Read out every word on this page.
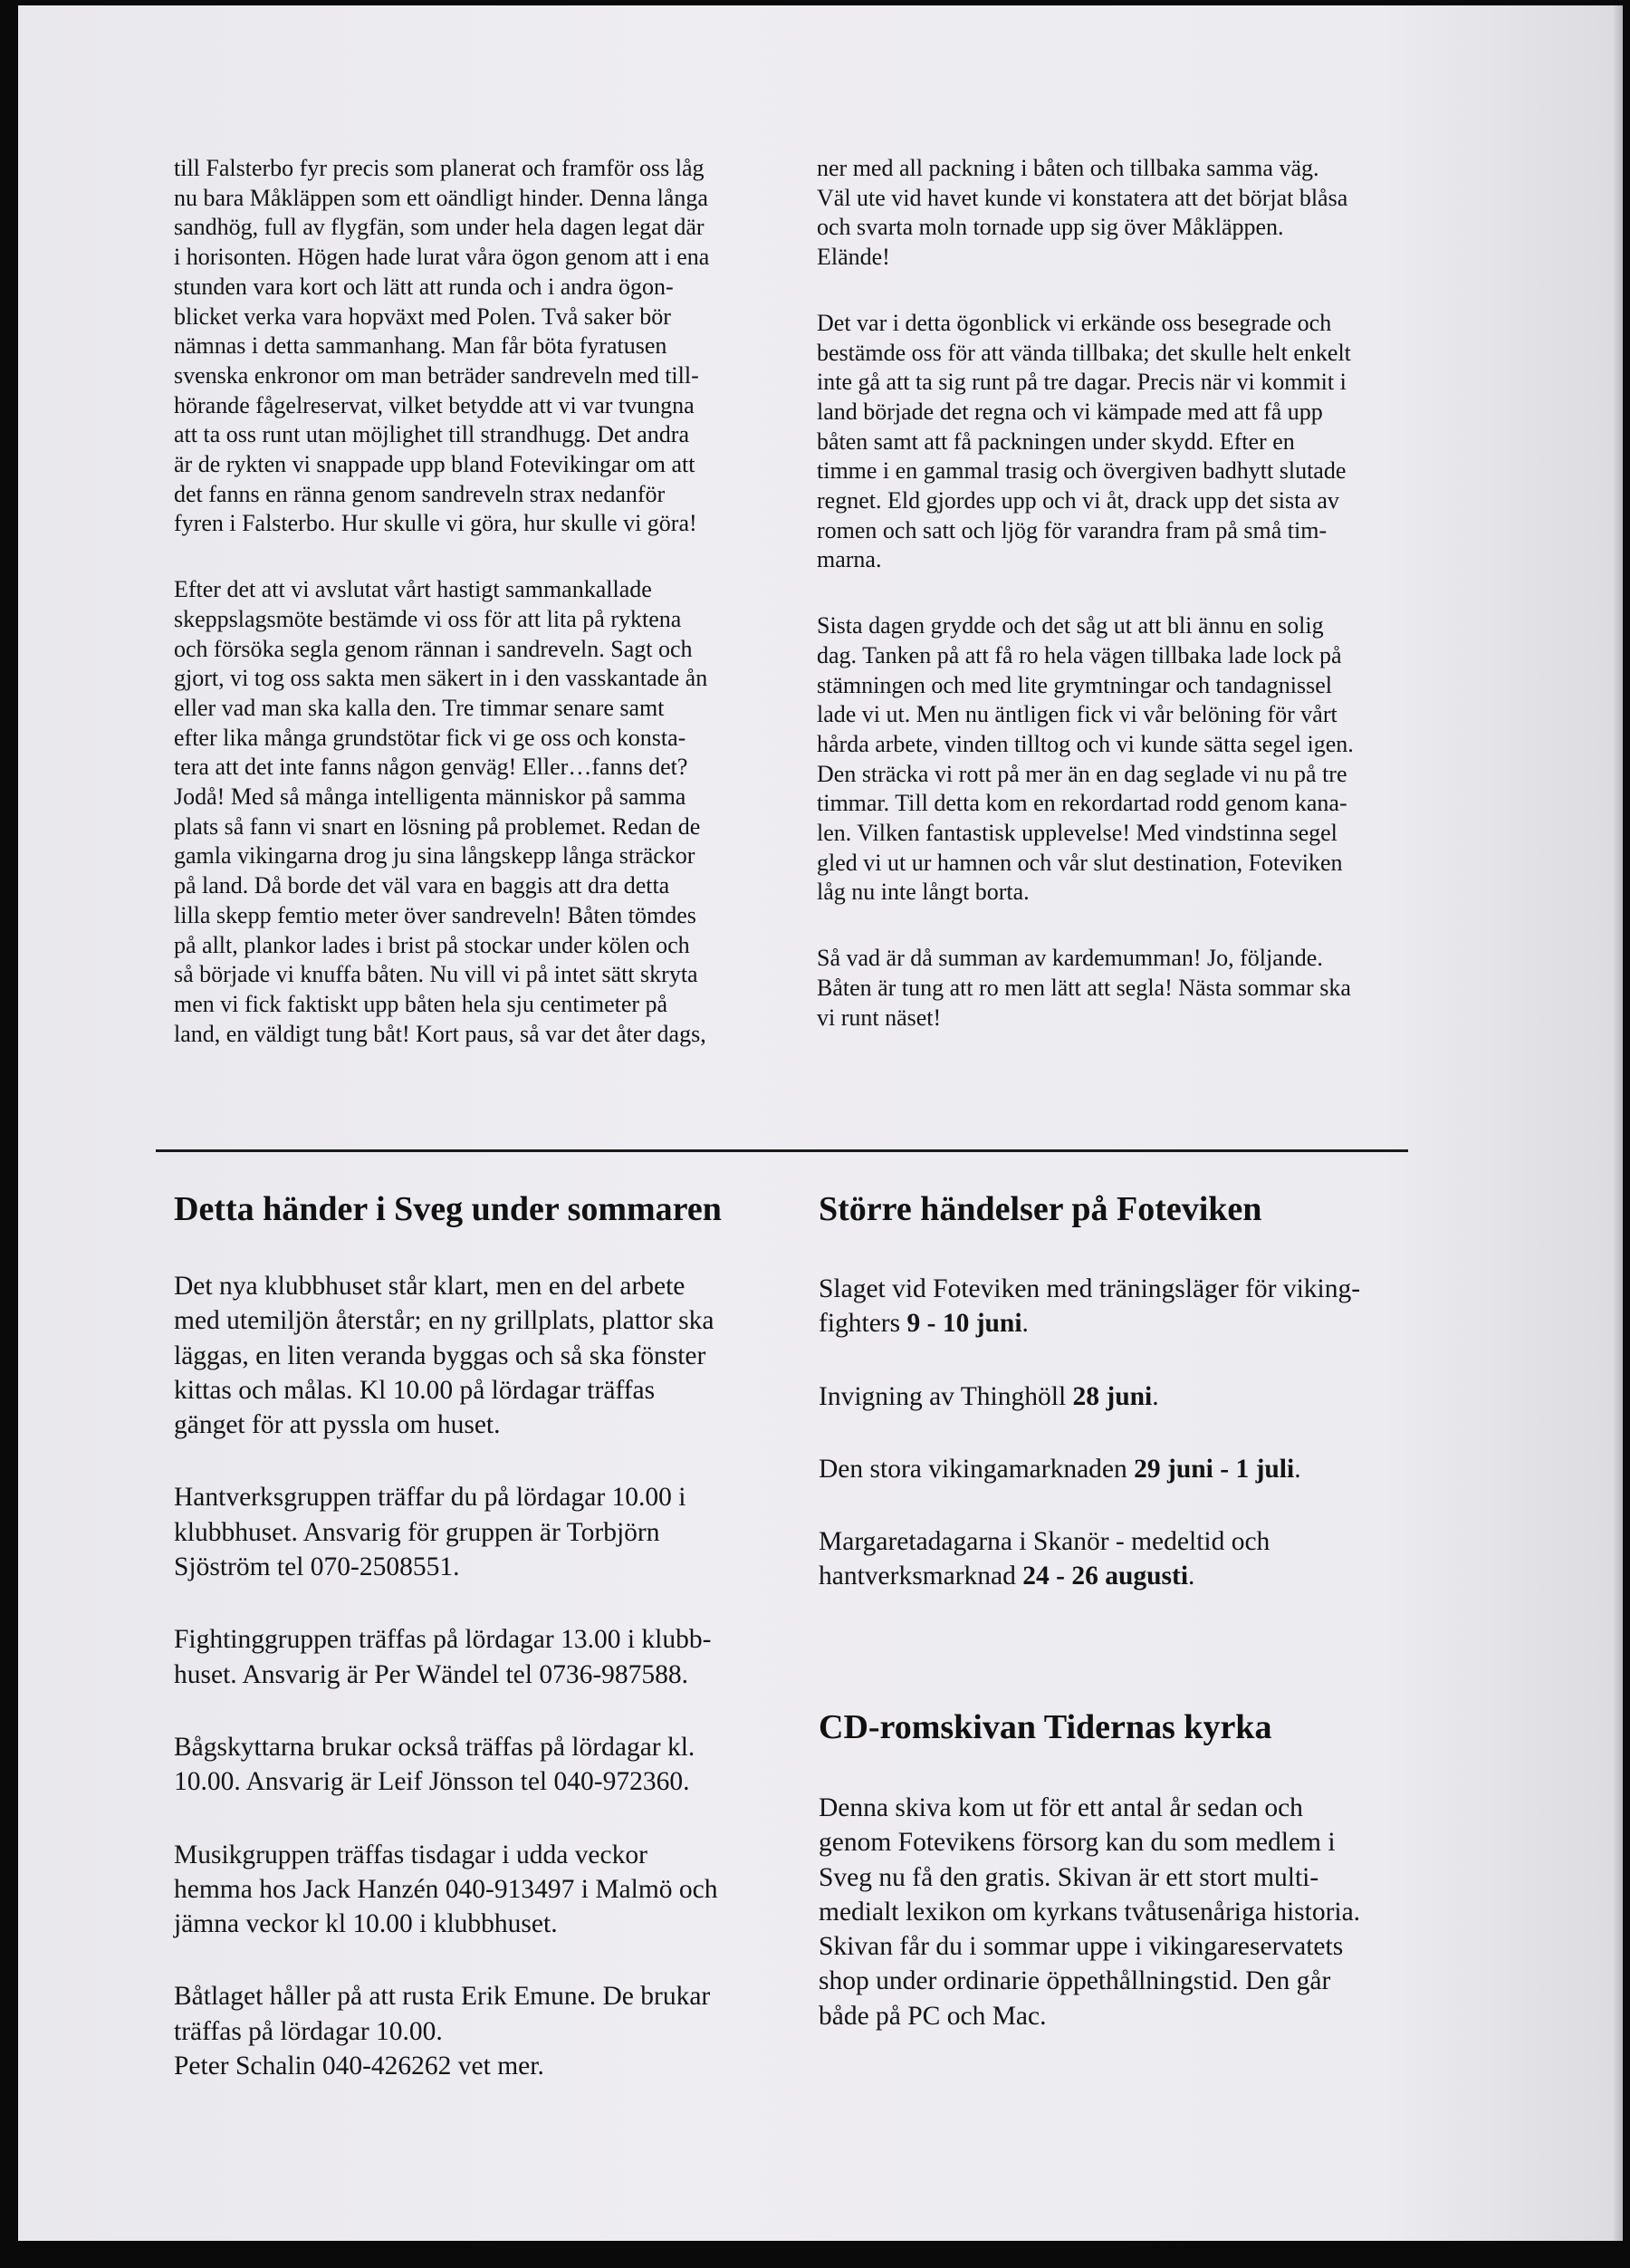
till Falsterbo fyr precis som planerat och framför oss låg
nu bara Måkläppen som ett oändligt hinder. Denna långa
sandhög, full av flygfän, som under hela dagen legat där
i horisonten. Högen hade lurat våra ögon genom att i ena
stunden vara kort och lätt att runda och i andra ögon-
blicket verka vara hopväxt med Polen. Två saker bör
nämnas i detta sammanhang. Man får böta fyratusen
svenska enkronor om man beträder sandreveln med till-
hörande fågelreservat, vilket betydde att vi var tvungna
att ta oss runt utan möjlighet till strandhugg. Det andra
är de rykten vi snappade upp bland Fotevikingar om att
det fanns en ränna genom sandreveln strax nedanför
fyren i Falsterbo. Hur skulle vi göra, hur skulle vi göra!
Efter det att vi avslutat vårt hastigt sammankallade
skeppslagsmöte bestämde vi oss för att lita på ryktena
och försöka segla genom rännan i sandreveln. Sagt och
gjort, vi tog oss sakta men säkert in i den vasskantade ån
eller vad man ska kalla den. Tre timmar senare samt
efter lika många grundstötar fick vi ge oss och konsta-
tera att det inte fanns någon genväg! Eller…fanns det?
Jodå! Med så många intelligenta människor på samma
plats så fann vi snart en lösning på problemet. Redan de
gamla vikingarna drog ju sina långskepp långa sträckor
på land. Då borde det väl vara en baggis att dra detta
lilla skepp femtio meter över sandreveln! Båten tömdes
på allt, plankor lades i brist på stockar under kölen och
så började vi knuffa båten. Nu vill vi på intet sätt skryta
men vi fick faktiskt upp båten hela sju centimeter på
land, en väldigt tung båt! Kort paus, så var det åter dags,
ner med all packning i båten och tillbaka samma väg.
Väl ute vid havet kunde vi konstatera att det börjat blåsa
och svarta moln tornade upp sig över Måkläppen.
Elände!
Det var i detta ögonblick vi erkände oss besegrade och
bestämde oss för att vända tillbaka; det skulle helt enkelt
inte gå att ta sig runt på tre dagar. Precis när vi kommit i
land började det regna och vi kämpade med att få upp
båten samt att få packningen under skydd. Efter en
timme i en gammal trasig och övergiven badhytt slutade
regnet. Eld gjordes upp och vi åt, drack upp det sista av
romen och satt och ljög för varandra fram på små tim-
marna.
Sista dagen grydde och det såg ut att bli ännu en solig
dag. Tanken på att få ro hela vägen tillbaka lade lock på
stämningen och med lite grymtningar och tandagnissel
lade vi ut. Men nu äntligen fick vi vår belöning för vårt
hårda arbete, vinden tilltog och vi kunde sätta segel igen.
Den sträcka vi rott på mer än en dag seglade vi nu på tre
timmar. Till detta kom en rekordartad rodd genom kana-
len. Vilken fantastisk upplevelse! Med vindstinna segel
gled vi ut ur hamnen och vår slut destination, Foteviken
låg nu inte långt borta.
Så vad är då summan av kardemumman! Jo, följande.
Båten är tung att ro men lätt att segla! Nästa sommar ska
vi runt näset!
Detta händer i Sveg under sommaren
Det nya klubbhuset står klart, men en del arbete
med utemiljön återstår; en ny grillplats, plattor ska
läggas, en liten veranda byggas och så ska fönster
kittas och målas. Kl 10.00 på lördagar träffas
gänget för att pyssla om huset.
Hantverksgruppen träffar du på lördagar 10.00 i
klubbhuset. Ansvarig för gruppen är Torbjörn
Sjöström tel 070-2508551.
Fightinggruppen träffas på lördagar 13.00 i klubb-
huset. Ansvarig är Per Wändel tel 0736-987588.
Bågskyttarna brukar också träffas på lördagar kl.
10.00. Ansvarig är Leif Jönsson tel 040-972360.
Musikgruppen träffas tisdagar i udda veckor
hemma hos Jack Hanzén 040-913497 i Malmö och
jämna veckor kl 10.00 i klubbhuset.
Båtlaget håller på att rusta Erik Emune. De brukar
träffas på lördagar 10.00.
Peter Schalin 040-426262 vet mer.
Större händelser på Foteviken
Slaget vid Foteviken med träningsläger för viking-
fighters 9 - 10 juni.
Invigning av Thinghöll 28 juni.
Den stora vikingamarknaden 29 juni - 1 juli.
Margaretadagarna i Skanör - medeltid och
hantverksmarknad 24 - 26 augusti.
CD-romskivan Tidernas kyrka
Denna skiva kom ut för ett antal år sedan och
genom Fotevikens försorg kan du som medlem i
Sveg nu få den gratis. Skivan är ett stort multi-
medialt lexikon om kyrkans tvåtusenåriga historia.
Skivan får du i sommar uppe i vikingareservatets
shop under ordinarie öppethållningstid. Den går
både på PC och Mac.
